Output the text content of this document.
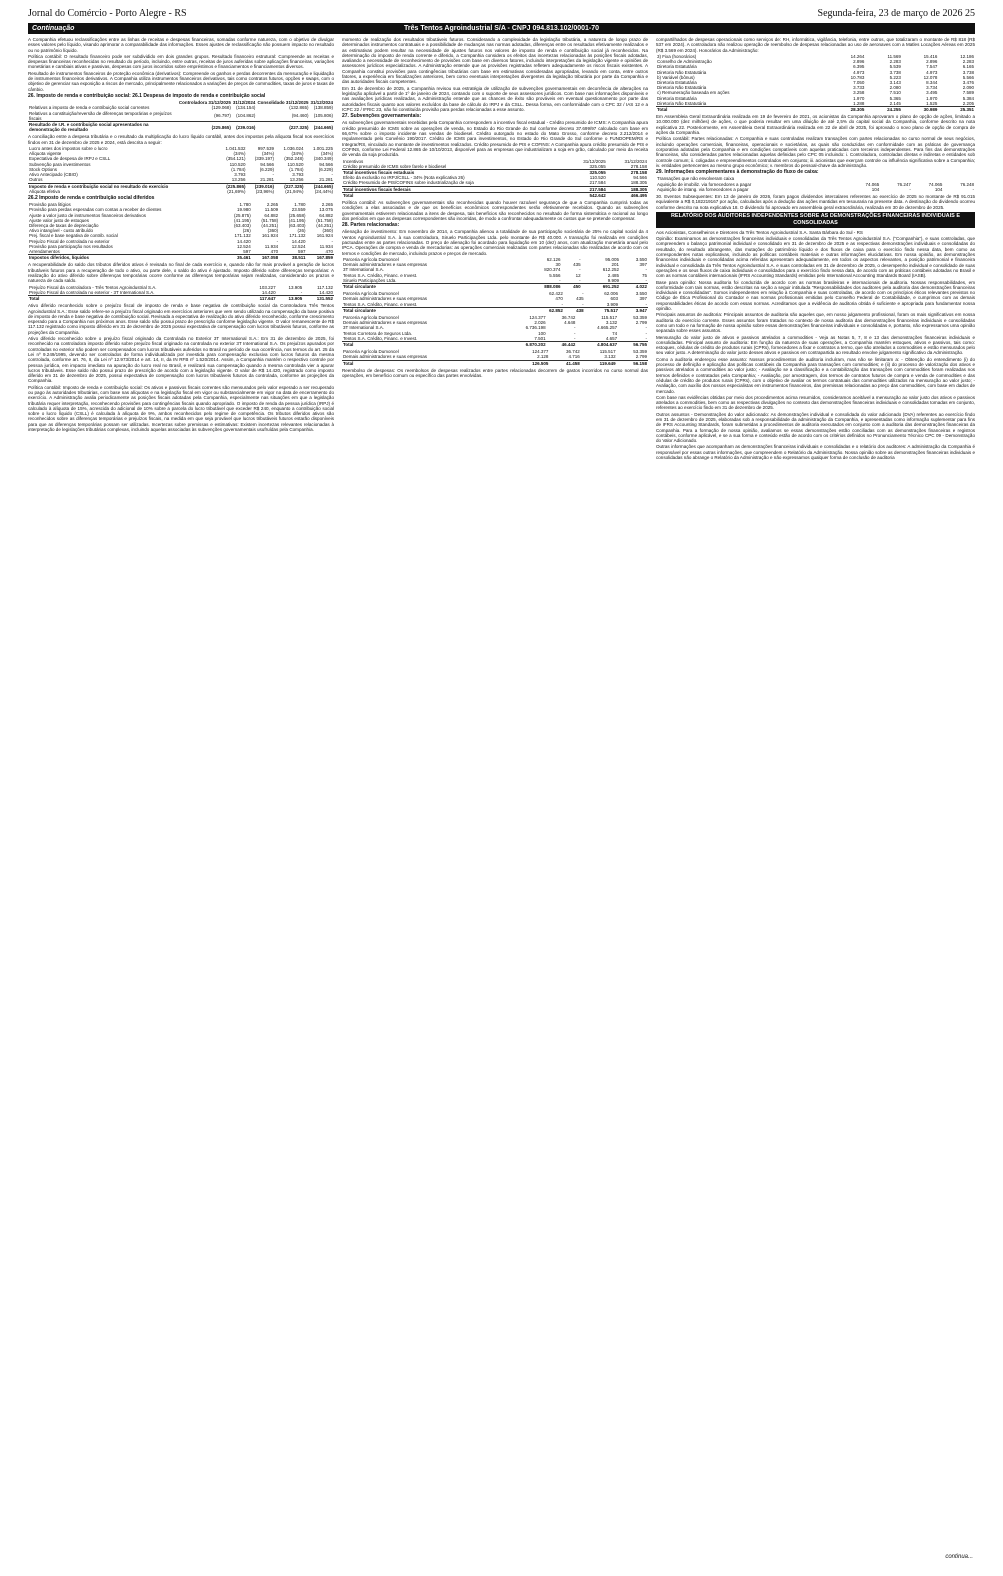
Jornal do Comércio - Porto Alegre - RS	Segunda-feira, 23 de março de 2026 25
Continuação	Três Tentos Agroindustrial S/A - CNPJ 094.813.102/0001-70

A Companhia efetuou reclassificações entre as linhas de receitas e despesas financeiras, somadas conforme natureza, com o objetivo de divulgar esses valores pelo líquido, visando aprimorar a comparabilidade das informações. Esses ajustes de reclassificação não possuem impacto no resultado ou no patrimônio líquido.

Política contábil: O resultado financeiro pode ser subdividido em dois grandes grupos. Resultado financeiro estrutural: Compreende as receitas e despesas financeiras reconhecidas no resultado do período, incluindo, entre outras, receitas de juros auferidas sobre aplicações financeiras, variações monetárias e cambiais ativas e passivas, despesas com juros incorridos sobre empréstimos e financiamentos e financiamentos diversos.

Resultado de instrumentos financeiros de proteção econômica (derivativos): Compreende os ganhos e perdas decorrentes da mensuração e liquidação de instrumentos financeiros derivativos. A Companhia utiliza instrumentos financeiros derivativos, tais como contratos futuros, opções e swaps, com o objetivo de gerenciar sua exposição a riscos de mercado, principalmente relacionados a variações de preços de commodities, taxas de juros e taxas de câmbio.

26. Imposto de renda e contribuição social: 26.1 Despesa de imposto de renda e contribuição social
	Controladora 31/12/2025	31/12/2024	Consolidado 31/12/2025	31/12/2024
Relativos a imposto de renda e contribuição social correntes	(129.068)	(134.154)	(132.865)	(138.859)
Relativos a constituição/reversão de diferenças temporárias e prejuízos fiscais	(96.797)	(104.862)	(94.460)	(105.806)
Resultado de I.R. e contribuição social apresentados na demonstração do resultado	(225.865)	(239.016)	(227.325)	(244.665)

A conciliação entre a despesa tributária e o resultado da multiplicação do lucro líquido contábil, antes dos impostos pela alíquota fiscal nos exercícios findos em 31 de dezembro de 2025 e 2024, está descrita a seguir:

Lucro antes dos impostos sobre o lucro	1.041.532	997.539	1.036.024	1.001.225
Alíquota vigente	(34%)	(34%)	(34%)	(34%)
Expectativa de despesa de IRPJ e CSLL	(354.121)	(339.197)	(352.248)	(340.349)
Subvenção para investimentos	110.520	94.566	110.520	94.566
Stock Options	(1.784)	(6.229)	(1.784)	(6.229)
Ativo Antecipado (CBIO)	3.793	-	3.793	-
Outros	13.256	21.281	13.256	21.281
Imposto de renda e contribuição social no resultado do exercício	(225.865)	(239.016)	(227.325)	(244.665)
Alíquota efetiva	(21,69%)	(23,96%)	(21,94%)	(24,44%)
26.2 Imposto de renda e contribuição social diferidos
Provisão para litígios	1.780	2.265	1.780	2.265
Provisão para perdas esperadas com contas a receber de clientes	19.980	11.509	23.559	13.075
Ajuste a valor justo de instrumentos financeiros derivativos	(25.875)	64.882	(25.658)	64.882
Ajuste valor justo de estoques	(41.195)	(51.758)	(41.195)	(51.758)
Diferença de taxas de depreciação	(63.403)	(44.251)	(63.403)	(44.251)
Ativo intangível - custo atribuído	(26)	(360)	(26)	(360)
Prej. fiscal e base negativa de contrib. social	171.132	161.924	171.132	161.924
Prejuízo Fiscal de controlada no exterior	14.420	-	14.420	-
Provisão para participação nos resultados	12.524	11.934	12.524	11.934
Arrendamentos	597	470	597	470
Impostos diferidos, líquidos	35.461	167.058	38.511	167.859

A recuperabilidade do saldo dos tributos diferidos ativos é revisada no final de cada exercício e, quando não for mais provável a geração de lucros tributáveis futuros para a recuperação de todo o ativo, ou parte dele, o saldo do ativo é ajustado. Imposto diferido sobre diferenças temporárias: A realização do ativo diferido sobre diferenças temporárias ocorre conforme as diferenças temporárias sejam realizadas, considerando os prazos e natureza de cada saldo.

Prejuízo Fiscal da controladora - Três Tentos Agroindustrial S.A.	103.227	13.905	117.132
Prejuízo Fiscal da controlada no exterior - 3T International S.A.	14.420	-	14.420
Total	117.647	13.905	131.552

Ativo diferido reconhecido sobre o prejuízo fiscal de imposto de renda e base negativa de contribuição social da Controladora Três Tentos Agroindustrial S.A.: Esse saldo refere-se a prejuízo fiscal originado em exercícios anteriores que vem sendo utilizado na compensação da base positiva de imposto de renda e base negativa de contribuição social. Revisada a expectativa de realização do ativo diferido reconhecido, conforme crescimento esperado para a Companhia nos próximos anos. Esse saldo não possui prazo de prescrição conforme legislação vigente. O valor remanescente de R$ 117.132 registrado como imposto diferido em 31 de dezembro de 2025 possui expectativa de compensação com lucros tributáveis futuros, conforme as projeções da Companhia.

Ativo diferido reconhecido sobre o prejuízo fiscal originado da Controlada no Exterior 3T International S.A.: Em 31 de dezembro de 2025, foi reconhecido na controladora imposto diferido sobre prejuízo fiscal originado na controlada no exterior 3T International S.A. Os prejuízos apurados por controladas no exterior não podem ser compensados com lucros tributáveis auferidos no Brasil no período de sua ocorrência, nos termos do art. 25 da Lei nº 9.249/1995, devendo ser controlados de forma individualizada por investida para compensação exclusiva com lucros futuros da mesma controlada, conforme art. 76, II, da Lei nº 12.973/2014 e art. 14, II, da IN RFB nº 1.520/2014. Assim, a Companhia mantém o respectivo controle por pessoa jurídica, em impacto imediato na apuração do lucro real no Brasil, e realizará sua compensação quando a mesma controlada vier a apurar lucros tributáveis. Esse saldo não possui prazo de prescrição de acordo com a legislação vigente. O valor de R$ 14.420, registrado como imposto diferido em 31 de dezembro de 2025, possui expectativa de compensação com lucros tributáveis futuros da controlada, conforme as projeções da Companhia.

Política contábil: Imposto de renda e contribuição social: Os ativos e passivos fiscais correntes são mensurados pelo valor esperado a ser recuperado ou pago às autoridades tributárias, com base nas alíquotas e na legislação fiscal em vigor ou substancialmente em vigor na data de encerramento do exercício. A Administração avalia periodicamente as posições fiscais adotadas pela Companhia, especialmente nas situações em que a legislação tributária requer interpretação, reconhecendo provisões para contingências fiscais quando apropriado. O imposto de renda da pessoa jurídica (IRPJ) é calculado à alíquota de 15%, acrescida do adicional de 10% sobre a parcela do lucro tributável que exceder R$ 240, enquanto a contribuição social sobre o lucro líquido (CSLL) é calculada à alíquota de 9%, ambos reconhecidos pelo regime de competência. Os tributos diferidos ativos são reconhecidos sobre as diferenças temporárias e prejuízos fiscais, na medida em que seja provável que lucros tributáveis futuros estarão disponíveis para que as diferenças temporárias possam ser utilizadas. Incertezas sobre premissas e estimativas: Existem incertezas relevantes relacionadas à interpretação de legislações tributárias complexas, incluindo aquelas associadas às subvenções governamentais usufruídas pela Companhia.

momento de realização dos resultados tributáveis futuros. Considerando a complexidade da legislação tributária, a natureza de longo prazo de determinados instrumentos contratuais e a possibilidade de mudanças nas normas adotadas, diferenças entre os resultados efetivamente realizados e as estimativas podem resultar na necessidade de ajustes futuros nos valores de imposto de renda e contribuição social já reconhecidos. Na determinação do imposto de renda corrente e diferido, a Companhia considera os efeitos das incertezas relacionadas às posições fiscais adotadas, avaliando a necessidade de reconhecimento de provisões com base em diversos fatores, incluindo interpretações da legislação vigente e opiniões de assessores jurídicos especializados. A Administração entende que as provisões registradas refletem adequadamente os riscos fiscais existentes. A Companhia constitui provisões para contingências tributárias com base em estimativas consideradas apropriadas, levando em conta, entre outros fatores, a experiência em fiscalizações anteriores, bem como eventuais interpretações divergentes da legislação tributária por parte da Companhia e das autoridades fiscais competentes.

Em 31 de dezembro de 2025, a Companhia revisou sua estratégia de utilização de subvenções governamentais em decorrência de alterações na legislação aplicável a partir de 1º de janeiro de 2024, contando com o suporte de seus assessores jurídicos. Com base nas informações disponíveis e nas avaliações jurídicas realizadas, a Administração entende que as chances de êxito são prováveis em eventual questionamento por parte das autoridades fiscais quanto aos valores excluídos da base de cálculo do IRPJ e da CSLL. Dessa forma, em conformidade com o CPC 32 / IAS 12 e a ICPC 22 / IFRIC 23, não foi constituída provisão para perdas relacionadas a esse assunto.

27. Subvenções governamentais:

As subvenções governamentais recebidas pela Companhia correspondem a incentivo fiscal estadual - Crédito presumido de ICMS: A Companhia apura crédito presumido de ICMS sobre as operações de venda, no Estado do Rio Grande do Sul conforme decreto 37.699/97 calculado com base em 66,67% sobre o imposto incidente nas vendas de biodiesel. Crédito outorgado no estado do Mato Grosso, conforme decreto 2.212/2014 e regulamentado pelo Convênio 190/2017. Crédito de ICMS para investimentos, no Estado do Rio Grande do Sul conforme o FUNDOPEM/RS e Integrar/RS, vinculado ao montante de investimentos realizados. Crédito presumido de PIS e COFINS: A Companhia apura crédito presumido de PIS e COFINS, conforme Lei Federal 12.865 de 10/10/2013, disponível para as empresas que industrializam a soja em grão, calculado por meio da receita de venda da soja produzida.

Incentivos	31/12/2025	31/12/2024
Crédito presumido de ICMS sobre farelo e biodiesel	325.055	278.158
Total incentivos fiscais estaduais	325.055	278.158
Efeito da exclusão no IRPJ/CSLL - 34% (Nota explicativa 26)	110.520	94.566
Crédito Presumido de PIS/COFINS sobre industrialização de soja	217.584	188.305
Total incentivos fiscais federais	217.584	188.305
Total	542.642	466.495

Política contábil: As subvenções governamentais são reconhecidas quando houver razoável segurança de que a Companhia cumprirá todas as condições a elas associadas e de que os benefícios econômicos correspondentes serão efetivamente recebidos. Quando as subvenções governamentais estiverem relacionadas a itens de despesa, tais benefícios são reconhecidos no resultado de forma sistemática e racional ao longo dos períodos em que as despesas correspondentes são incorridas, de modo a confrontar adequadamente os custos que se pretende compensar.

28. Partes relacionadas:

Alienação de investimento: Em novembro de 2014, a Companhia alienou a totalidade de sua participação societária de 25% no capital social da 4 Ventos Agroindustrial S.A. à sua controladora, Siruelo Participações Ltda. pelo montante de R$ 40.000. A transação foi realizada em condições pactuadas entre as partes relacionadas. O preço de alienação foi acordado para liquidação em 10 (dez) anos, com atualização monetária anual pelo IPCA. Operações de compra e venda de mercadorias: as operações comerciais realizadas com partes relacionadas são realizadas de acordo com os termos e condições de mercado, incluindo prazos e preços de mercado.

Parceria Agrícola Dumoncel	62.126	-	95.005	3.550
Demais administradores e suas empresas	30	435	201	397
3T International S.A.	820.374	-	612.252	-
Tentos S.A. Crédito, Financ. e Invest.	5.556	12	2.485	75
Siruelo Participações Ltda.	-	-	9.909	-
Total circulante	888.086	450	691.252	4.022
Parceria Agrícola Dumoncel	62.422	-	62.006	3.550
Demais administradores e suas empresas	470	435	603	397
Tentos S.A. Crédito, Financ. e Invest.	-	-	3.909	-
Total circulante	62.852	438	75.517	3.947
Parceria Agrícola Dumoncel	124.377	36.742	115.517	53.359
Demais administradores e suas empresas	2.026	4.648	3.132	2.799
3T International S.A.	6.736.198	-	4.665.257	-
Tentos Corretora de Seguros Ltda.	100	-	74	-
Tentos S.A. Crédito, Financ. e Invest.	7.501	-	4.657	-
Total	6.870.202	46.442	4.804.637	56.755
Parceria Agrícola Dumoncel	124.377	36.742	115.517	53.359
Demais administradores e suas empresas	2.128	4.716	3.132	2.799
Total	126.505	41.458	119.649	56.158

Reembolso de despesas: Os reembolsos de despesas realizados entre partes relacionadas decorrem de gastos incorridos no curso normal das operações, em benefício comum ou específico das partes envolvidas.

compartilhados de despesas operacionais como serviços de: RH, informática, vigilância, telefonia, entre outros, que totalizaram o montante de R$ 818 (R$ 537 em 2024). A controladora não realizou operação de reembolso de despesas relacionadas ao uso de aeronaves com a Matles Locações Aéreas em 2025 (R$ 3.569 em 2024). Honorários da Administração:

3) Fixa (honorários)	14.264	11.569	15.416	12.186
Conselho de Administração	2.896	2.283	2.896	2.283
Diretoria Estatutária	6.395	5.539	7.547	6.165
Diretoria Não Estatutária	4.973	3.738	4.973	3.738
b) Variável (bônus)	10.783	5.223	12.078	5.566
Diretoria Estatutária	7.050	3.143	8.344	3.476
Diretoria Não Estatutária	3.733	2.080	3.734	2.090
c) Remuneração baseada em ações	3.258	7.510	3.495	7.589
Diretoria Estatutária	1.970	5.365	1.970	5.384
Diretoria Não Estatutária	1.288	2.145	1.525	2.205
Total	28.305	24.255	30.989	25.351

Em Assembleia Geral Extraordinária realizada em 19 de fevereiro de 2021, os acionistas da Companhia aprovaram o plano de opção de ações, limitado a 10.000.000 (dez milhões) de ações, o que poderia resultar em uma diluição de até 2,5% do capital social da Companhia, conforme descrito na nota explicativa 22. Posteriormente, em Assembleia Geral Extraordinária realizada em 22 de abril de 2025, foi aprovado o novo plano de opção de compra de ações da Companhia.

Política contábil: Partes relacionadas: A Companhia e suas controladas realizam transações com partes relacionadas no curso normal de seus negócios, incluindo operações comerciais, financeiras, operacionais e societárias, as quais são conduzidas em conformidade com as práticas de governança corporativa adotadas pela Companhia e em condições compatíveis com aquelas praticadas com terceiros independentes. Para fins das demonstrações financeiras, são consideradas partes relacionadas aquelas definidas pelo CPC 05 incluindo: i. Controladora, controladas diretas e indiretas e entidades sob controle comum; ii. coligadas e empreendimentos controlados em conjunto; iii. acionistas que exerçam controle ou influência significativa sobre a Companhia; iv. entidades pertencentes ao mesmo grupo econômico; v. membros do pessoal-chave da administração.

29. Informações complementares à demonstração do fluxo de caixa:
Transações que não envolveram caixa				
Aquisição de imobiliz. via fornecedores a pagar	74.065	76.247	74.065	76.248
Aquisição de intang. via fornecedores a pagar	104	-	104	-

30. Eventos Subsequentes: Em 13 de janeiro de 2026, foram pagos dividendos intercalares referentes ao exercício de 2025 no montante de R$ 91.015 equivalente a R$ 0,182219167 por ação, calculados após a dedução das ações mantidas em tesouraria na presente data. A destinação do dividendo ocorreu conforme descrito na nota explicativa 18. O dividendo foi aprovado em assembleia geral extraordinária, realizada em 30 de dezembro de 2025.

RELATÓRIO DOS AUDITORES INDEPENDENTES SOBRE AS DEMONSTRAÇÕES FINANCEIRAS INDIVIDUAIS E CONSOLIDADAS

Aos Acionistas, Conselheiros e Diretores da Três Tentos Agroindustrial S.A. Santa Bárbara do Sul - RS

Opinião: Examinamos as demonstrações financeiras individuais e consolidadas da Três Tentos Agroindustrial S.A. ("Companhia"), e suas controladas, que compreendem o balanço patrimonial individual e consolidado em 31 de dezembro de 2025 e as respectivas demonstrações individuais e consolidadas do resultado, do resultado abrangente, das mutações do patrimônio líquido e dos fluxos de caixa para o exercício findo nessa data, bem como as correspondentes notas explicativas, incluindo as políticas contábeis materiais e outras informações elucidativas. Em nossa opinião, as demonstrações financeiras individuais e consolidadas acima referidas apresentam adequadamente, em todos os aspectos relevantes, a posição patrimonial e financeira individual e consolidada da Três Tentos Agroindustrial S.A. e suas controladas em 31 de dezembro de 2025, o desempenho individual e consolidado de suas operações e os seus fluxos de caixa individuais e consolidados para o exercício findo nessa data, de acordo com as práticas contábeis adotadas no Brasil e com as normas contábeis internacionais (IFRS Accounting Standards) emitidas pelo International Accounting Standards Board (IASB).

Base para opinião: Nossa auditoria foi conduzida de acordo com as normas brasileiras e internacionais de auditoria. Nossas responsabilidades, em conformidade com tais normas, estão descritas na seção a seguir intitulada "Responsabilidades dos auditores pela auditoria das demonstrações financeiras individuais e consolidadas". Somos independentes em relação à Companhia e suas controladas, de acordo com os princípios éticos relevantes previstos no Código de Ética Profissional do Contador e nas normas profissionais emitidas pelo Conselho Federal de Contabilidade, e cumprimos com as demais responsabilidades éticas de acordo com essas normas. Acreditamos que a evidência de auditoria obtida é suficiente e apropriada para fundamentar nossa opinião.

Principais assuntos de auditoria: Principais assuntos de auditoria são aqueles que, em nosso julgamento profissional, foram os mais significativos em nossa auditoria do exercício corrente. Esses assuntos foram tratados no contexto de nossa auditoria das demonstrações financeiras individuais e consolidadas como um todo e na formação de nossa opinião sobre essas demonstrações financeiras individuais e consolidadas e, portanto, não expressamos uma opinião separada sobre esses assuntos.

Mensuração do valor justo de ativos e passivos atrelados a commodities - Veja as Notas 5, 7, 8 e 13 das demonstrações financeiras individuais e consolidadas. Principal assunto de auditoria: Em função da natureza de suas operações, a Companhia mantém estoques, ativos e passivos, tais como: estoques, cédulas de crédito de produtos rurais (CPRs), fornecedores a fixar e contratos a termo, que são atrelados a commodities e estão mensurados pelo seu valor justo. A determinação do valor justo desses ativos e passivos em contrapartida ao resultado envolve julgamento significativo da Administração.

Como a auditoria endereçou esse assunto: Nossos procedimentos de auditoria incluíram, mas não se limitaram a: - Obtenção do entendimento (i) do processo de definição e aplicação das políticas contábeis da Companhia para transações com commodities; e (ii) do processo de valorização dos ativos e passivos atrelados a commodities ao valor justo; - Avaliação se a classificação e a contabilização das transações com commodities foram realizadas nos termos definidos e contratados pela Companhia; - Avaliação, por amostragem, dos termos de contratos futuros de compra e venda de commodities e das cédulas de crédito de produtos rurais (CPRs), com o objetivo de avaliar os termos contratuais das commodities utilizados na mensuração ao valor justo; - Avaliação, com auxílio dos nossos especialistas em instrumentos financeiros, das premissas relacionadas ao preço das commodities, com base em dados de mercado.

Com base nas evidências obtidas por meio dos procedimentos acima resumidos, consideramos aceitável a mensuração ao valor justo dos ativos e passivos atrelados a commodities, bem como as respectivas divulgações no contexto das demonstrações financeiras individuais e consolidadas tomadas em conjunto, referentes ao exercício findo em 31 de dezembro de 2025.

Outros assuntos - Demonstrações do valor adicionado: As demonstrações individual e consolidada do valor adicionado (DVA) referentes ao exercício findo em 31 de dezembro de 2025, elaboradas sob a responsabilidade da administração da Companhia, e apresentadas como informação suplementar para fins de IFRS Accounting Standards, foram submetidas a procedimentos de auditoria executados em conjunto com a auditoria das demonstrações financeiras da Companhia. Para a formação de nossa opinião, avaliamos se essas demonstrações estão conciliadas com as demonstrações financeiras e registros contábeis, conforme aplicável, e se a sua forma e conteúdo estão de acordo com os critérios definidos no Pronunciamento Técnico CPC 09 - Demonstração do Valor Adicionado.

Outras informações que acompanham as demonstrações financeiras individuais e consolidadas e o relatório dos auditores: A administração da Companhia é responsável por essas outras informações, que compreendem o Relatório da Administração. Nossa opinião sobre as demonstrações financeiras individuais e consolidadas não abrange o Relatório da Administração e não expressamos qualquer forma de conclusão de auditoria

continua...
